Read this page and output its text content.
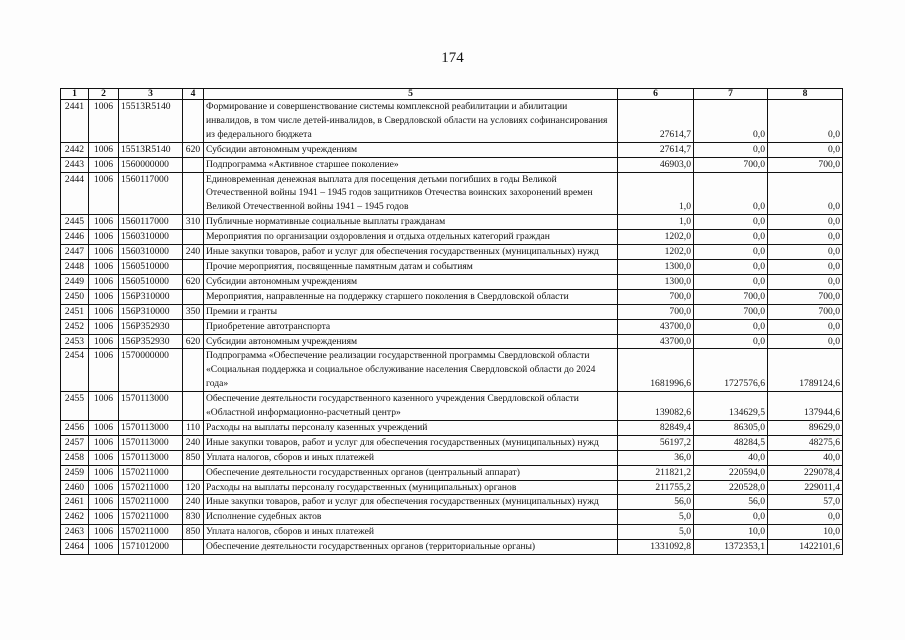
174
1	2	3	4	5	6	7	8
2441	1006	15513R5140		Формирование и совершенствование системы комплексной реабилитации и абилитации инвалидов, в том числе детей-инвалидов, в Свердловской области на условиях софинансирования из федерального бюджета	27614,7	0,0	0,0
2442	1006	15513R5140	620	Субсидии автономным учреждениям	27614,7	0,0	0,0
2443	1006	1560000000		Подпрограмма «Активное старшее поколение»	46903,0	700,0	700,0
2444	1006	1560117000		Единовременная денежная выплата для посещения детьми погибших в годы Великой Отечественной войны 1941 – 1945 годов защитников Отечества воинских захоронений времен Великой Отечественной войны 1941 – 1945 годов	1,0	0,0	0,0
2445	1006	1560117000	310	Публичные нормативные социальные выплаты гражданам	1,0	0,0	0,0
2446	1006	1560310000		Мероприятия по организации оздоровления и отдыха отдельных категорий граждан	1202,0	0,0	0,0
2447	1006	1560310000	240	Иные закупки товаров, работ и услуг для обеспечения государственных (муниципальных) нужд	1202,0	0,0	0,0
2448	1006	1560510000		Прочие мероприятия, посвященные памятным датам и событиям	1300,0	0,0	0,0
2449	1006	1560510000	620	Субсидии автономным учреждениям	1300,0	0,0	0,0
2450	1006	156P310000		Мероприятия, направленные на поддержку старшего поколения в Свердловской области	700,0	700,0	700,0
2451	1006	156P310000	350	Премии и гранты	700,0	700,0	700,0
2452	1006	156P352930		Приобретение автотранспорта	43700,0	0,0	0,0
2453	1006	156P352930	620	Субсидии автономным учреждениям	43700,0	0,0	0,0
2454	1006	1570000000		Подпрограмма «Обеспечение реализации государственной программы Свердловской области «Социальная поддержка и социальное обслуживание населения Свердловской области до 2024 года»	1681996,6	1727576,6	1789124,6
2455	1006	1570113000		Обеспечение деятельности государственного казенного учреждения Свердловской области «Областной информационно-расчетный центр»	139082,6	134629,5	137944,6
2456	1006	1570113000	110	Расходы на выплаты персоналу казенных учреждений	82849,4	86305,0	89629,0
2457	1006	1570113000	240	Иные закупки товаров, работ и услуг для обеспечения государственных (муниципальных) нужд	56197,2	48284,5	48275,6
2458	1006	1570113000	850	Уплата налогов, сборов и иных платежей	36,0	40,0	40,0
2459	1006	1570211000		Обеспечение деятельности государственных органов (центральный аппарат)	211821,2	220594,0	229078,4
2460	1006	1570211000	120	Расходы на выплаты персоналу государственных (муниципальных) органов	211755,2	220528,0	229011,4
2461	1006	1570211000	240	Иные закупки товаров, работ и услуг для обеспечения государственных (муниципальных) нужд	56,0	56,0	57,0
2462	1006	1570211000	830	Исполнение судебных актов	5,0	0,0	0,0
2463	1006	1570211000	850	Уплата налогов, сборов и иных платежей	5,0	10,0	10,0
2464	1006	1571012000		Обеспечение деятельности государственных органов (территориальные органы)	1331092,8	1372353,1	1422101,6
